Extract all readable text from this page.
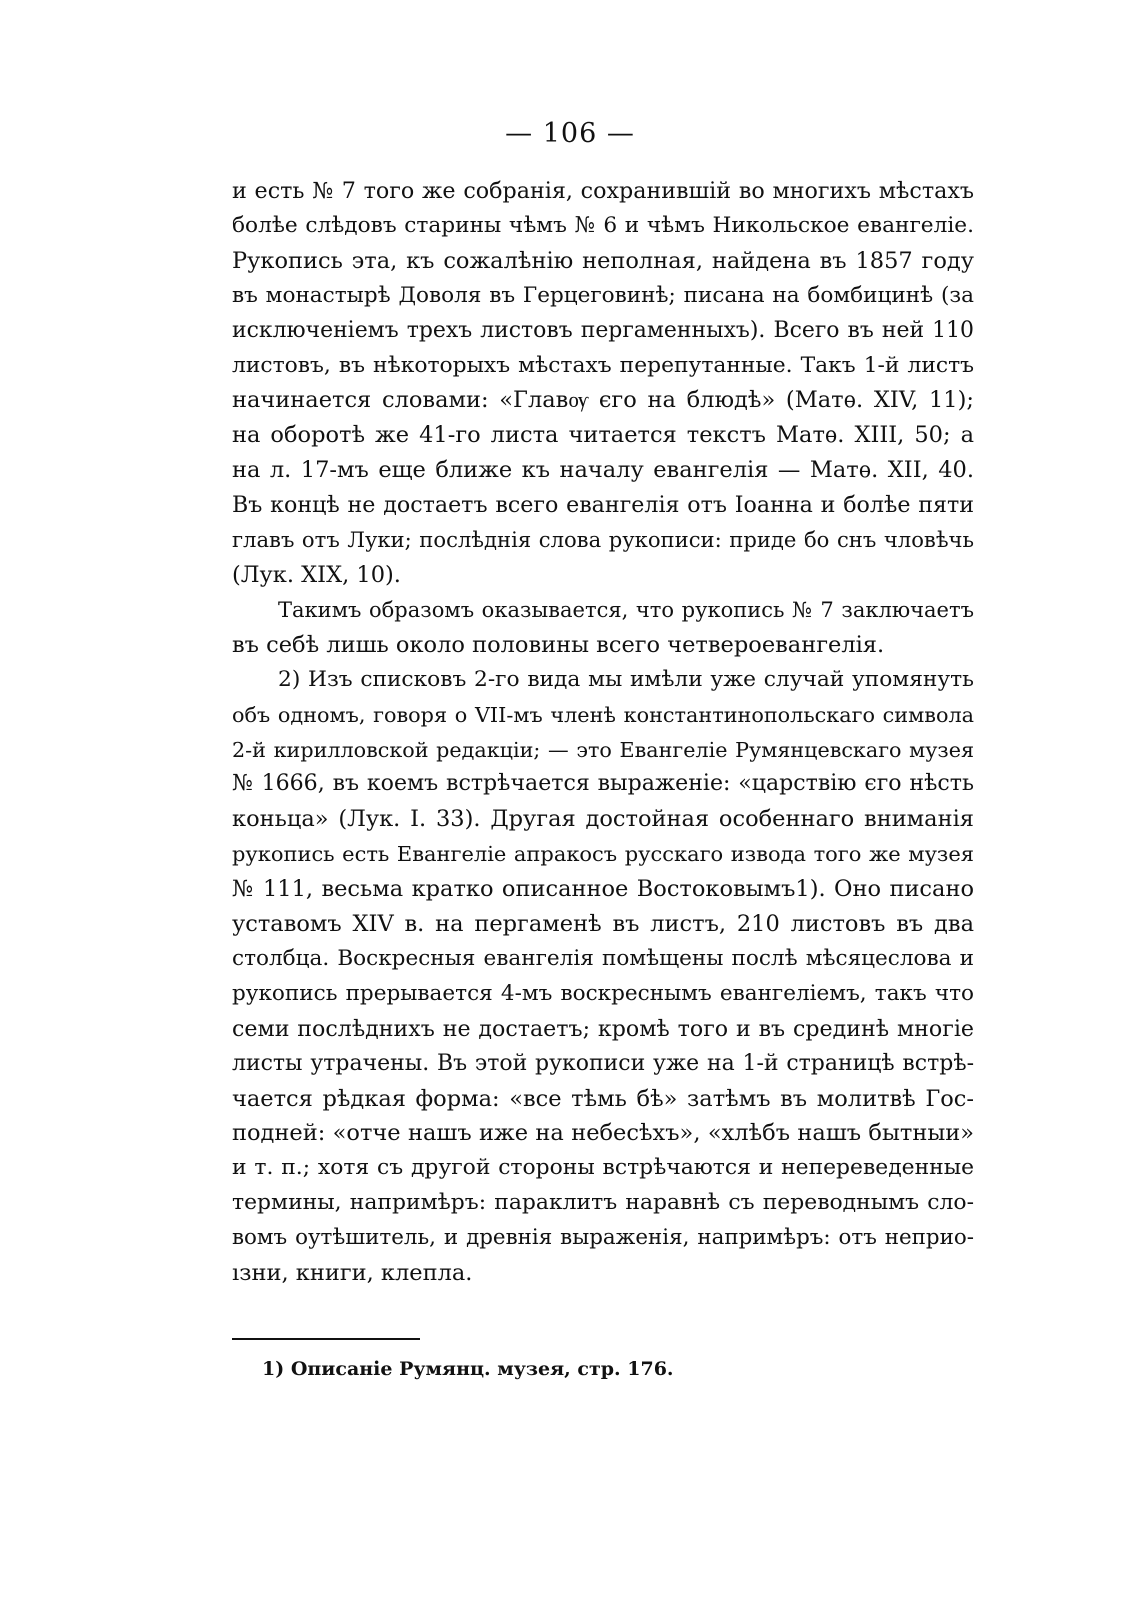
— 106 —
и есть № 7 того же собранія, сохранившій во многихъ мѣстахъ
болѣе слѣдовъ старины чѣмъ № 6 и чѣмъ Никольское евангеліе.
Рукопись эта, къ сожалѣнію неполная, найдена въ 1857 году
въ монастырѣ Доволя въ Герцеговинѣ; писана на бомбицинѣ (за
исключеніемъ трехъ листовъ пергаменныхъ). Всего въ ней 110
листовъ, въ нѣкоторыхъ мѣстахъ перепутанные. Такъ 1-й листъ
начинается словами: «Главѹ єго на блюдѣ» (Матѳ. XIV, 11);
на оборотѣ же 41-го листа читается текстъ Матѳ. XIII, 50; а
на л. 17-мъ еще ближе къ началу евангелія — Матѳ. XII, 40.
Въ концѣ не достаетъ всего евангелія отъ Іоанна и болѣе пяти
главъ отъ Луки; послѣднія слова рукописи: приде бо снъ чловѣчь
(Лук. XIX, 10).
Такимъ образомъ оказывается, что рукопись № 7 заключаетъ
въ себѣ лишь около половины всего четвероевангелія.
2) Изъ списковъ 2-го вида мы имѣли уже случай упомянуть
объ одномъ, говоря о VII-мъ членѣ константинопольскаго символа
2-й кирилловской редакціи; — это Евангеліе Румянцевскаго музея
№ 1666, въ коемъ встрѣчается выраженіе: «царствію єго нѣсть
коньца» (Лук. I. 33). Другая достойная особеннаго вниманія
рукопись есть Евангеліе апракосъ русскаго извода того же музея
№ 111, весьма кратко описанное Востоковымъ1). Оно писано
уставомъ XIV в. на пергаменѣ въ листъ, 210 листовъ въ два
столбца. Воскресныя евангелія помѣщены послѣ мѣсяцеслова и
рукопись прерывается 4-мъ воскреснымъ евангеліемъ, такъ что
семи послѣднихъ не достаетъ; кромѣ того и въ срединѣ многіе
листы утрачены. Въ этой рукописи уже на 1-й страницѣ встрѣ-
чается рѣдкая форма: «все тѣмь бѣ» затѣмъ въ молитвѣ Гос-
подней: «отче нашъ иже на небесѣхъ», «хлѣбъ нашъ бытныи»
и т. п.; хотя съ другой стороны встрѣчаются и непереведенные
термины, напримѣръ: параклитъ наравнѣ съ переводнымъ сло-
вомъ оутѣшитель, и древнія выраженія, напримѣръ: отъ неприо-
ıзни, книги, клепла.
1) Описаніе Румянц. музея, стр. 176.
